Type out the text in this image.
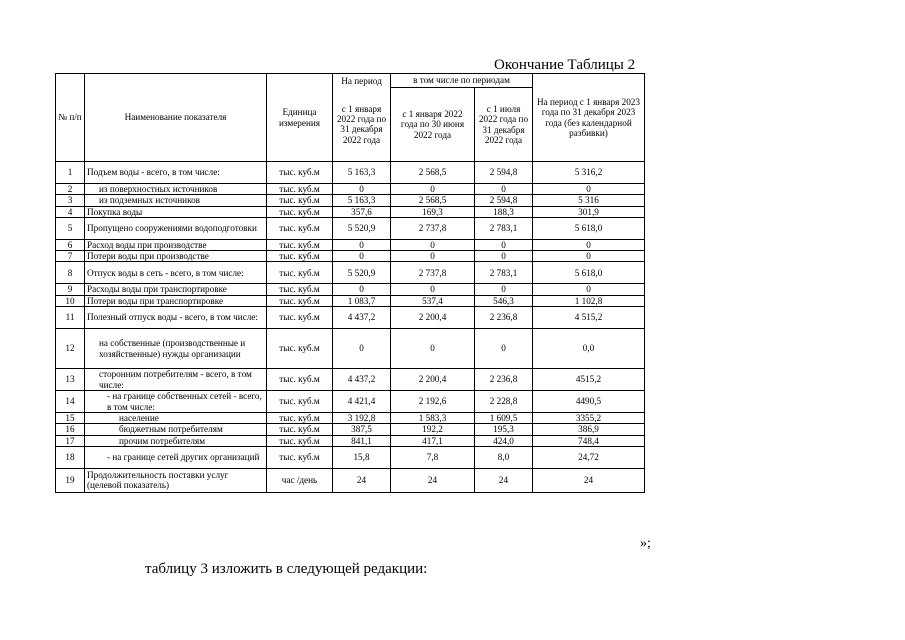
Окончание Таблицы 2
№ п/п	Наименование показателя	Единица измерения	На период	в том числе по периодам		На период с 1 января 2023 года по 31 декабря 2023 года (без календарной разбивки)
			с 1 января 2022 года по 31 декабря 2022 года	с 1 января 2022 года по 30 июня 2022 года	с 1 июля 2022 года по 31 декабря 2022 года	
1	Подъем воды - всего, в том числе:	тыс. куб.м	5 163,3	2 568,5	2 594,8	5 316,2
2	из поверхностных источников	тыс. куб.м	0	0	0	0
3	из подземных источников	тыс. куб.м	5 163,3	2 568,5	2 594,8	5 316
4	Покупка воды	тыс. куб.м	357,6	169,3	188,3	301,9
5	Пропущено сооружениями водоподготовки	тыс. куб.м	5 520,9	2 737,8	2 783,1	5 618,0
6	Расход воды при производстве	тыс. куб.м	0	0	0	0
7	Потери воды при производстве	тыс. куб.м	0	0	0	0
8	Отпуск воды в сеть - всего, в том числе:	тыс. куб.м	5 520,9	2 737,8	2 783,1	5 618,0
9	Расходы воды при транспортировке	тыс. куб.м	0	0	0	0
10	Потери воды при транспортировке	тыс. куб.м	1 083,7	537,4	546,3	1 102,8
11	Полезный отпуск воды - всего, в том числе:	тыс. куб.м	4 437,2	2 200,4	2 236,8	4 515,2
12	на собственные (производственные и хозяйственные) нужды организации	тыс. куб.м	0	0	0	0,0
13	сторонним потребителям - всего, в том числе:	тыс. куб.м	4 437,2	2 200,4	2 236,8	4515,2
14	- на границе собственных сетей - всего, в том числе:	тыс. куб.м	4 421,4	2 192,6	2 228,8	4490,5
15	население	тыс. куб.м	3 192,8	1 583,3	1 609,5	3355,2
16	бюджетным потребителям	тыс. куб.м	387,5	192,2	195,3	386,9
17	прочим потребителям	тыс. куб.м	841,1	417,1	424,0	748,4
18	- на границе сетей других организаций	тыс. куб.м	15,8	7,8	8,0	24,72
19	Продолжительность поставки услуг (целевой показатель)	час /день	24	24	24	24
»;
таблицу 3 изложить в следующей редакции:
